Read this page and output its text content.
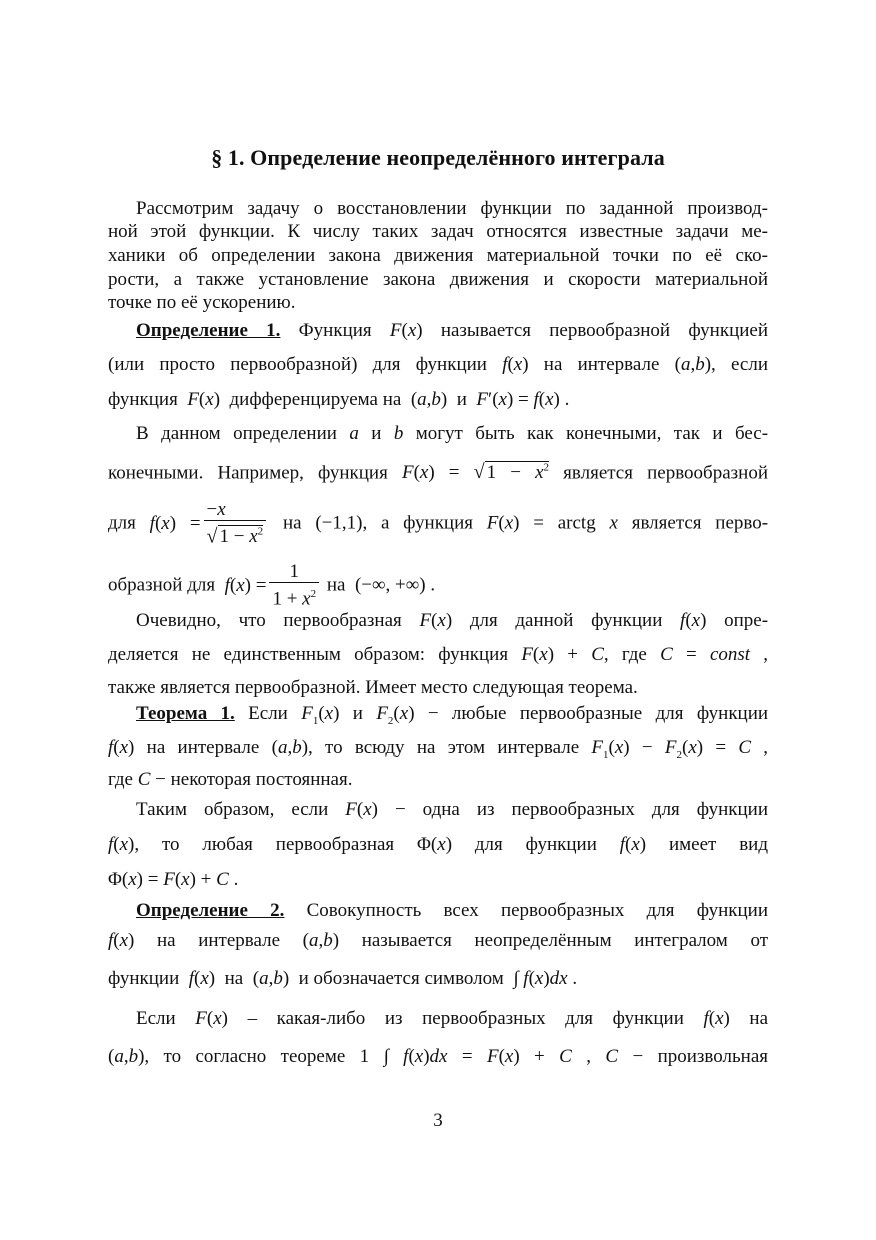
§ 1. Определение неопределённого интеграла
Рассмотрим задачу о восстановлении функции по заданной производ-
ной этой функции. К числу таких задач относятся известные задачи ме-
ханики об определении закона движения материальной точки по её ско-
рости, а также установление закона движения и скорости материальной
точке по её ускорению.
Определение 1. Функция F(x) называется первообразной функцией
(или просто первообразной) для функции f(x) на интервале (a,b), если
функция F(x)  дифференцируема на  (a,b)  и F′(x) = f(x) .
В данном определении a и b могут быть как конечными, так и бес-
конечными. Например, функция F(x) = √ $1 - x^2$ является первообразной
для $f(x) = \frac{-x}{√ 1 - x^2}$ на (−1,1), а функция F(x) = arctg x является перво-
образной для $f(x) = \frac{1}{1 + x^2}$ на  (−∞, +∞) .
Очевидно, что первообразная F(x) для данной функции f(x) опре-
деляется не единственным образом: функция F(x) + C, где C = const ,
также является первообразной. Имеет место следующая теорема.
Теорема 1. Если $F_1(x)$ и $F_2(x)$ − любые первообразные для функции
f(x) на интервале (a,b), то всюду на этом интервале $F_1(x) - F_2(x) = C$ ,
где C − некоторая постоянная.
Таким образом, если F(x) − одна из первообразных для функции
f(x), то любая первообразная Φ(x) для функции f(x) имеет вид
Φ(x) = F(x) + C .
Определение 2. Совокупность всех первообразных для функции
f(x) на интервале (a,b) называется неопределённым интегралом от
функции f(x)  на  (a,b)  и обозначается символом  ∫ f(x)dx .
Если F(x) – какая-либо из первообразных для функции f(x) на
(a,b), то согласно теореме 1 ∫ f(x)dx = F(x) + C , C − произвольная
3
